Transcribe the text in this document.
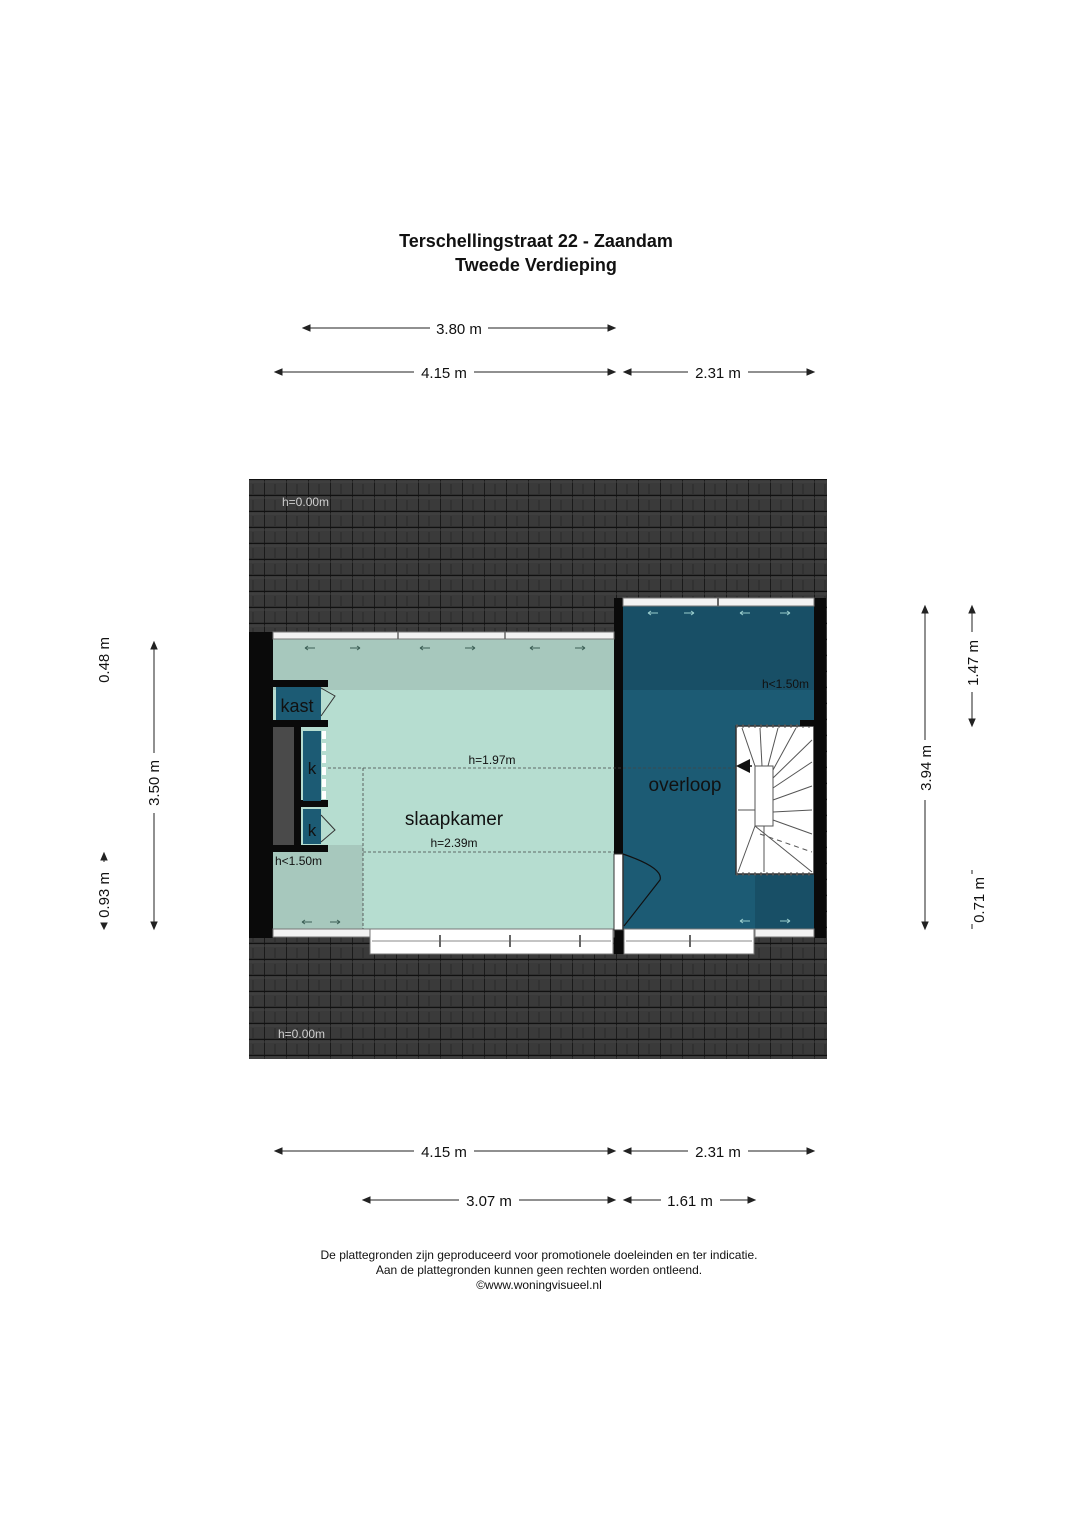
Terschellingstraat 22 - Zaandam
Tweede Verdieping
slaapkamer
overloop
kast
k
k
h=0.00m
h=0.00m
h<1.50m
h=1.97m
h=2.39m
h<1.50m
3.80 m
4.15 m	2.31 m
4.15 m	2.31 m
3.07 m	1.61 m
0.48 m
3.50 m
0.93 m
3.94 m
1.47 m
0.71 m
De plattegronden zijn geproduceerd voor promotionele doeleinden en ter indicatie.
Aan de plattegronden kunnen geen rechten worden ontleend.
©www.woningvisueel.nl
